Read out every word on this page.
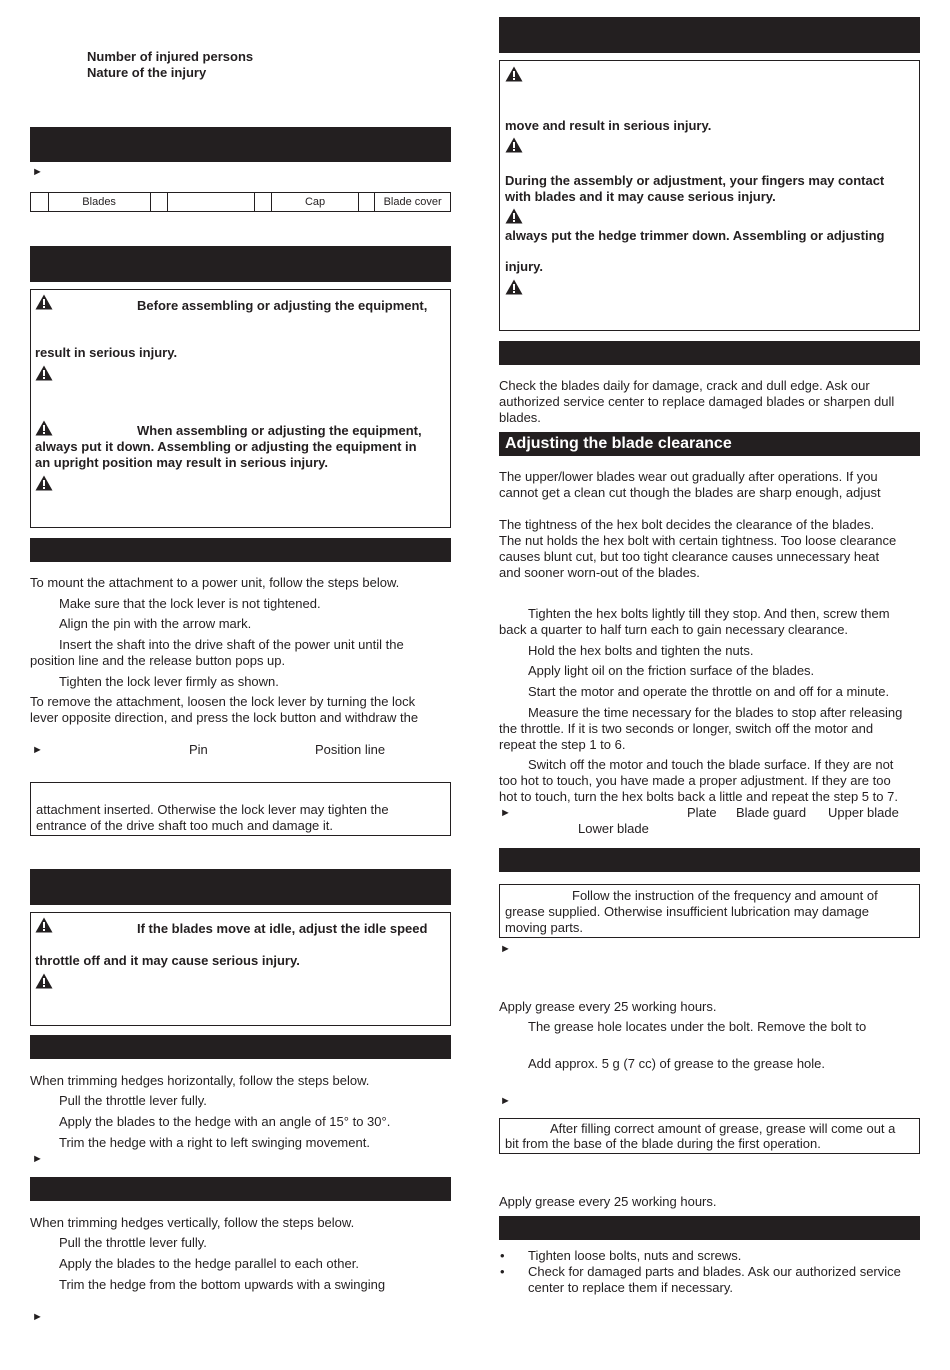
Number of injured persons
Nature of the injury
►
	Blades				Cap		Blade cover
Before assembling or adjusting the equipment,
result in serious injury.
When assembling or adjusting the equipment,
always put it down. Assembling or adjusting the equipment in
an upright position may result in serious injury.
To mount the attachment to a power unit, follow the steps below.
Make sure that the lock lever is not tightened.
Align the pin with the arrow mark.
Insert the shaft into the drive shaft of the power unit until the
position line and the release button pops up.
Tighten the lock lever firmly as shown.
To remove the attachment, loosen the lock lever by turning the lock
lever opposite direction, and press the lock button and withdraw the
►	Pin	Position line
attachment inserted. Otherwise the lock lever may tighten the
entrance of the drive shaft too much and damage it.
If the blades move at idle, adjust the idle speed
throttle off and it may cause serious injury.
When trimming hedges horizontally, follow the steps below.
Pull the throttle lever fully.
Apply the blades to the hedge with an angle of 15° to 30°.
Trim the hedge with a right to left swinging movement.
►
When trimming hedges vertically, follow the steps below.
Pull the throttle lever fully.
Apply the blades to the hedge parallel to each other.
Trim the hedge from the bottom upwards with a swinging
►
move and result in serious injury.
During the assembly or adjustment, your fingers may contact
with blades and it may cause serious injury.
always put the hedge trimmer down. Assembling or adjusting
injury.
Check the blades daily for damage, crack and dull edge. Ask our
authorized service center to replace damaged blades or sharpen dull
blades.
Adjusting the blade clearance
The upper/lower blades wear out gradually after operations. If you
cannot get a clean cut though the blades are sharp enough, adjust
The tightness of the hex bolt decides the clearance of the blades.
The nut holds the hex bolt with certain tightness. Too loose clearance
causes blunt cut, but too tight clearance causes unnecessary heat
and sooner worn-out of the blades.
Tighten the hex bolts lightly till they stop. And then, screw them
back a quarter to half turn each to gain necessary clearance.
Hold the hex bolts and tighten the nuts.
Apply light oil on the friction surface of the blades.
Start the motor and operate the throttle on and off for a minute.
Measure the time necessary for the blades to stop after releasing
the throttle. If it is two seconds or longer, switch off the motor and
repeat the step 1 to 6.
Switch off the motor and touch the blade surface. If they are not
too hot to touch, you have made a proper adjustment. If they are too
hot to touch, turn the hex bolts back a little and repeat the step 5 to 7.
►	Plate Blade guard Upper blade
Lower blade
Follow the instruction of the frequency and amount of
grease supplied. Otherwise insufficient lubrication may damage
moving parts.
►
Apply grease every 25 working hours.
The grease hole locates under the bolt. Remove the bolt to
Add approx. 5 g (7 cc) of grease to the grease hole.
►
After filling correct amount of grease, grease will come out a
bit from the base of the blade during the first operation.
Apply grease every 25 working hours.
•	Tighten loose bolts, nuts and screws.
•	Check for damaged parts and blades. Ask our authorized service
center to replace them if necessary.
